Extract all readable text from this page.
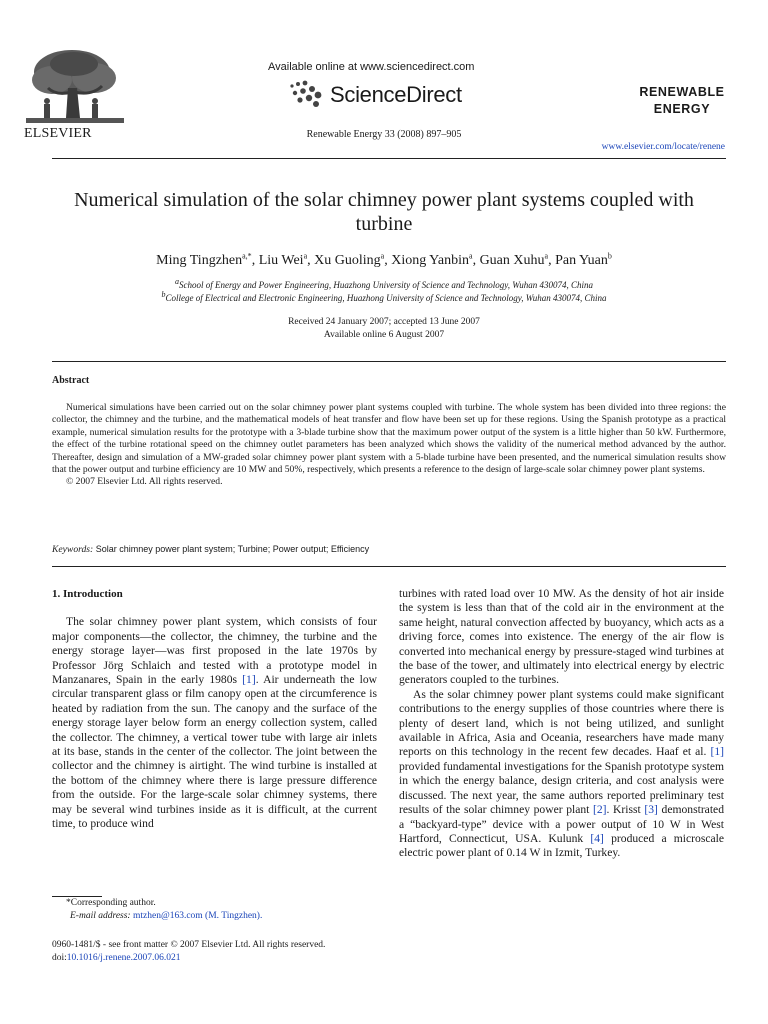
ELSEVIER
Available online at www.sciencedirect.com
ScienceDirect
Renewable Energy 33 (2008) 897–905
RENEWABLE
ENERGY
www.elsevier.com/locate/renene
Numerical simulation of the solar chimney power plant systems coupled with turbine
Ming Tingzhen$^{a,*}$, Liu Wei$^a$, Xu Guoling$^a$, Xiong Yanbin$^a$, Guan Xuhu$^a$, Pan Yuan$^b$
aSchool of Energy and Power Engineering, Huazhong University of Science and Technology, Wuhan 430074, China
bCollege of Electrical and Electronic Engineering, Huazhong University of Science and Technology, Wuhan 430074, China
Received 24 January 2007; accepted 13 June 2007
Available online 6 August 2007
Abstract

Numerical simulations have been carried out on the solar chimney power plant systems coupled with turbine. The whole system has been divided into three regions: the collector, the chimney and the turbine, and the mathematical models of heat transfer and flow have been set up for these regions. Using the Spanish prototype as a practical example, numerical simulation results for the prototype with a 3-blade turbine show that the maximum power output of the system is a little higher than 50 kW. Furthermore, the effect of the turbine rotational speed on the chimney outlet parameters has been analyzed which shows the validity of the numerical method advanced by the author. Thereafter, design and simulation of a MW-graded solar chimney power plant system with a 5-blade turbine have been presented, and the numerical simulation results show that the power output and turbine efficiency are 10 MW and 50%, respectively, which presents a reference to the design of large-scale solar chimney power plant systems.

© 2007 Elsevier Ltd. All rights reserved.

Keywords: Solar chimney power plant system; Turbine; Power output; Efficiency
1. Introduction

The solar chimney power plant system, which consists of four major components—the collector, the chimney, the turbine and the energy storage layer—was first proposed in the late 1970s by Professor Jörg Schlaich and tested with a prototype model in Manzanares, Spain in the early 1980s [1]. Air underneath the low circular transparent glass or film canopy open at the circumference is heated by radiation from the sun. The canopy and the surface of the energy storage layer below form an energy collection system, called the collector. The chimney, a vertical tower tube with large air inlets at its base, stands in the center of the collector. The joint between the collector and the chimney is airtight. The wind turbine is installed at the bottom of the chimney where there is large pressure difference from the outside. For the large-scale solar chimney systems, there may be several wind turbines inside as it is difficult, at the current time, to produce wind

turbines with rated load over 10 MW. As the density of hot air inside the system is less than that of the cold air in the environment at the same height, natural convection affected by buoyancy, which acts as a driving force, comes into existence. The energy of the air flow is converted into mechanical energy by pressure-staged wind turbines at the base of the tower, and ultimately into electrical energy by electric generators coupled to the turbines.

As the solar chimney power plant systems could make significant contributions to the energy supplies of those countries where there is plenty of desert land, which is not being utilized, and sunlight available in Africa, Asia and Oceania, researchers have made many reports on this technology in the recent few decades. Haaf et al. [1] provided fundamental investigations for the Spanish prototype system in which the energy balance, design criteria, and cost analysis were discussed. The next year, the same authors reported preliminary test results of the solar chimney power plant [2]. Krisst [3] demonstrated a “backyard-type” device with a power output of 10 W in West Hartford, Connecticut, USA. Kulunk [4] produced a microscale electric power plant of 0.14 W in Izmit, Turkey.

*Corresponding author.
E-mail address: mtzhen@163.com (M. Tingzhen).
0960-1481/$ - see front matter © 2007 Elsevier Ltd. All rights reserved.
doi:10.1016/j.renene.2007.06.021
